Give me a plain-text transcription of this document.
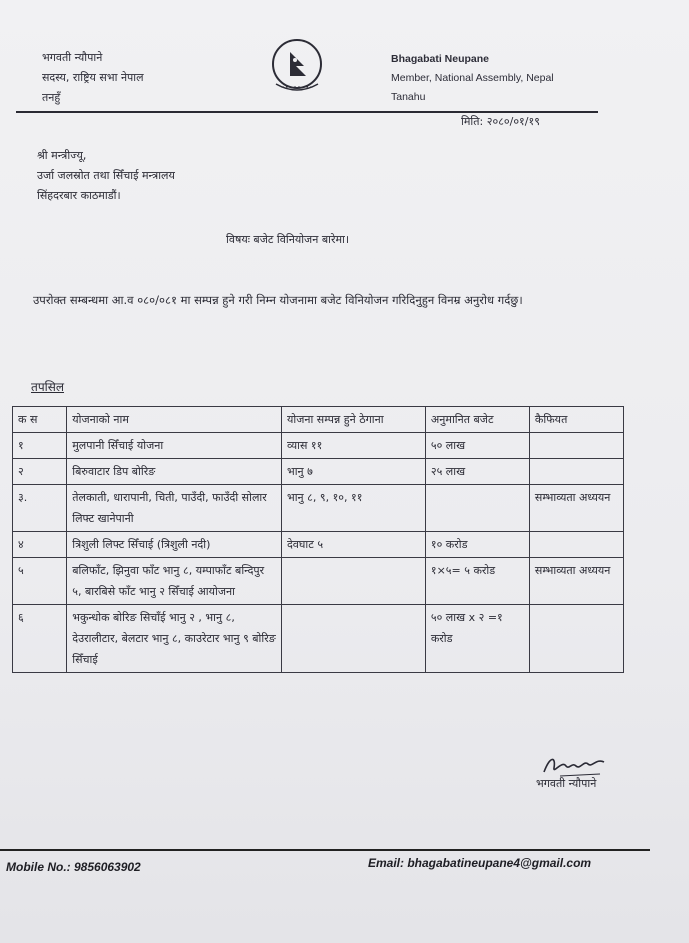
भगवती न्यौपाने
सदस्य, राष्ट्रिय सभा नेपाल
तनहुँ
Bhagabati Neupane
Member, National Assembly, Nepal
Tanahu
मिति: २०८०/०१/१९
श्री मन्त्रीज्यू,
उर्जा जलस्रोत तथा सिँचाई मन्त्रालय
सिंहदरबार काठमाडौं।
विषयः बजेट विनियोजन बारेमा।
उपरोक्त सम्बन्धमा आ.व ०८०/०८१ मा सम्पन्न हुने गरी निम्न योजनामा बजेट विनियोजन गरिदिनुहुन विनम्र अनुरोध गर्दछु।
तपसिल
क स	योजनाको नाम	योजना सम्पन्न हुने ठेगाना	अनुमानित बजेट	कैफियत
१	मुलपानी सिँचाई योजना	व्यास ११	५० लाख	
२	बिरुवाटार डिप बोरिङ	भानु ७	२५ लाख	
३.	तेलकाती, धारापानी, चिती, पाउँदी, फाउँदी सोलार लिफ्ट खानेपानी	भानु ८, ९, १०, ११		सम्भाव्यता अध्ययन
४	त्रिशुली लिफ्ट सिँचाई (त्रिशुली नदी)	देवघाट ५	१० करोड	
५	बलिफाँट, झिनुवा फाँट भानु ८, यम्पाफाँट बन्दिपुर ५, बारबिसे फाँट भानु २ सिँचाई आयोजना		१×५= ५ करोड	सम्भाव्यता अध्ययन
६	भकुन्धोक बोरिङ सिचाँई भानु २ , भानु ८, देउरालीटार, बेलटार भानु ८, काउरेटार भानु ९ बोरिङ सिँचाई		५० लाख x २ =१ करोड	
भगवती न्यौपाने
Mobile No.: 9856063902	Email: bhagabatineupane4@gmail.com
